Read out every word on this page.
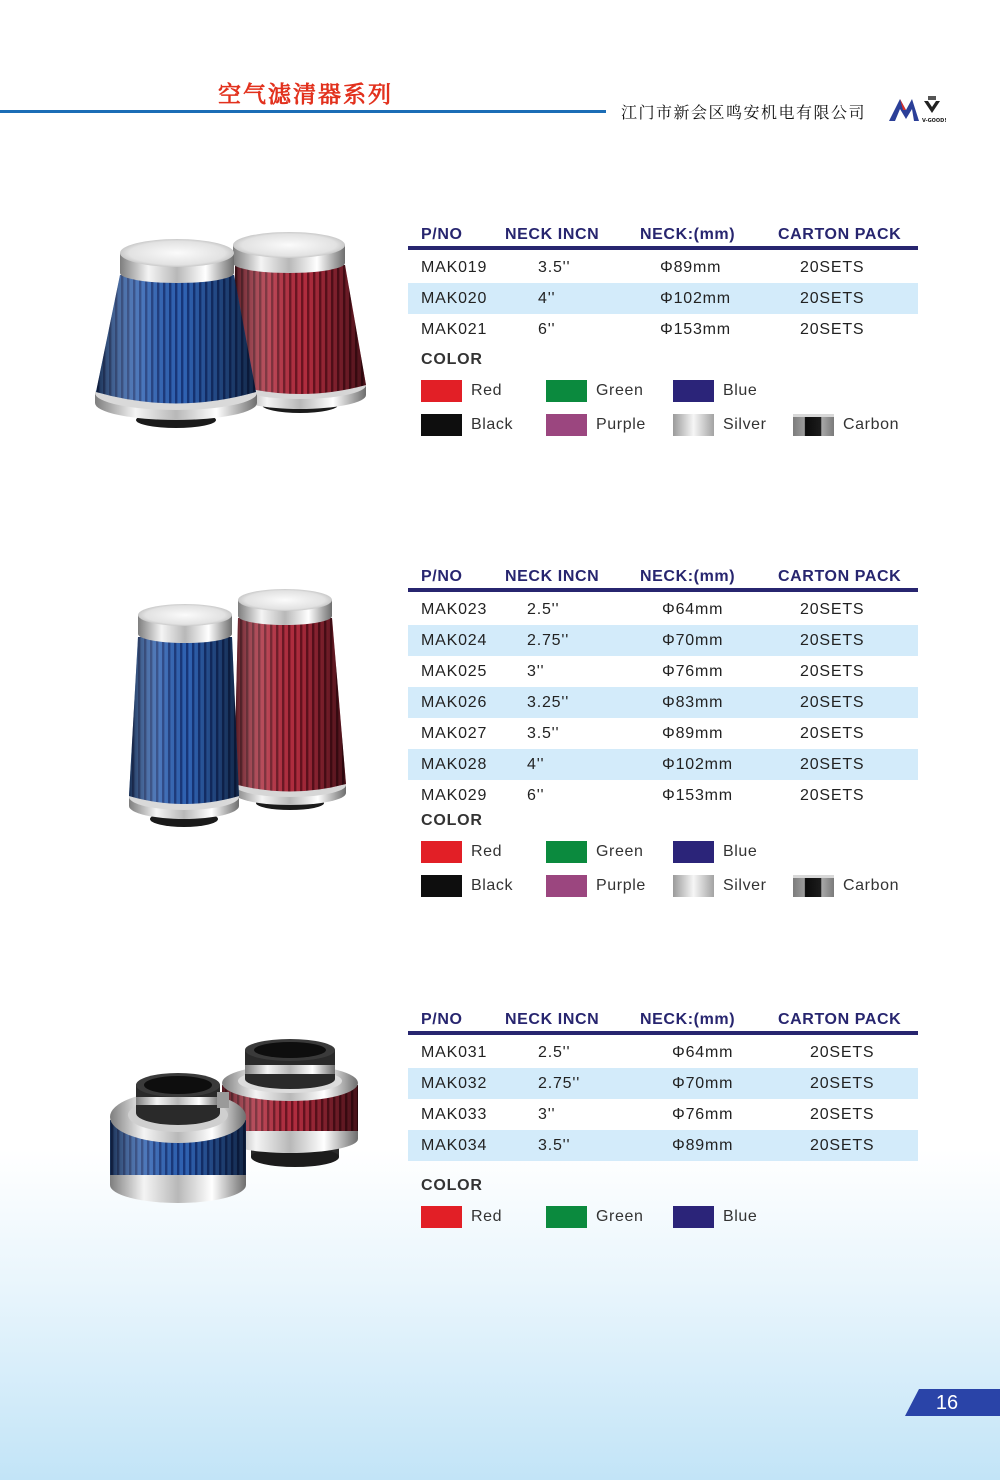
空气滤清器系列
江门市新会区鸣安机电有限公司	V-GOOD!
P/NO	NECK INCN	NECK:(mm)	CARTON PACK
MAK019	3.5''	Φ89mm	20SETS
MAK020	4''	Φ102mm	20SETS
MAK021	6''	Φ153mm	20SETS
COLOR
Red	Green	Blue
Black	Purple	Silver	Carbon
P/NO	NECK INCN	NECK:(mm)	CARTON PACK
MAK023 2.5''	Φ64mm	20SETS
MAK024 2.75''	Φ70mm	20SETS
MAK025 3''	Φ76mm	20SETS
MAK026 3.25''	Φ83mm	20SETS
MAK027 3.5''	Φ89mm	20SETS
MAK028 4''	Φ102mm	20SETS
MAK029 6''	Φ153mm	20SETS
COLOR
Red	Green	Blue
Black	Purple	Silver	Carbon
P/NO	NECK INCN	NECK:(mm)	CARTON PACK
MAK031	2.5''	Φ64mm	20SETS
MAK032	2.75''	Φ70mm	20SETS
MAK033	3''	Φ76mm	20SETS
MAK034	3.5''	Φ89mm	20SETS
COLOR
Red	Green	Blue
16
